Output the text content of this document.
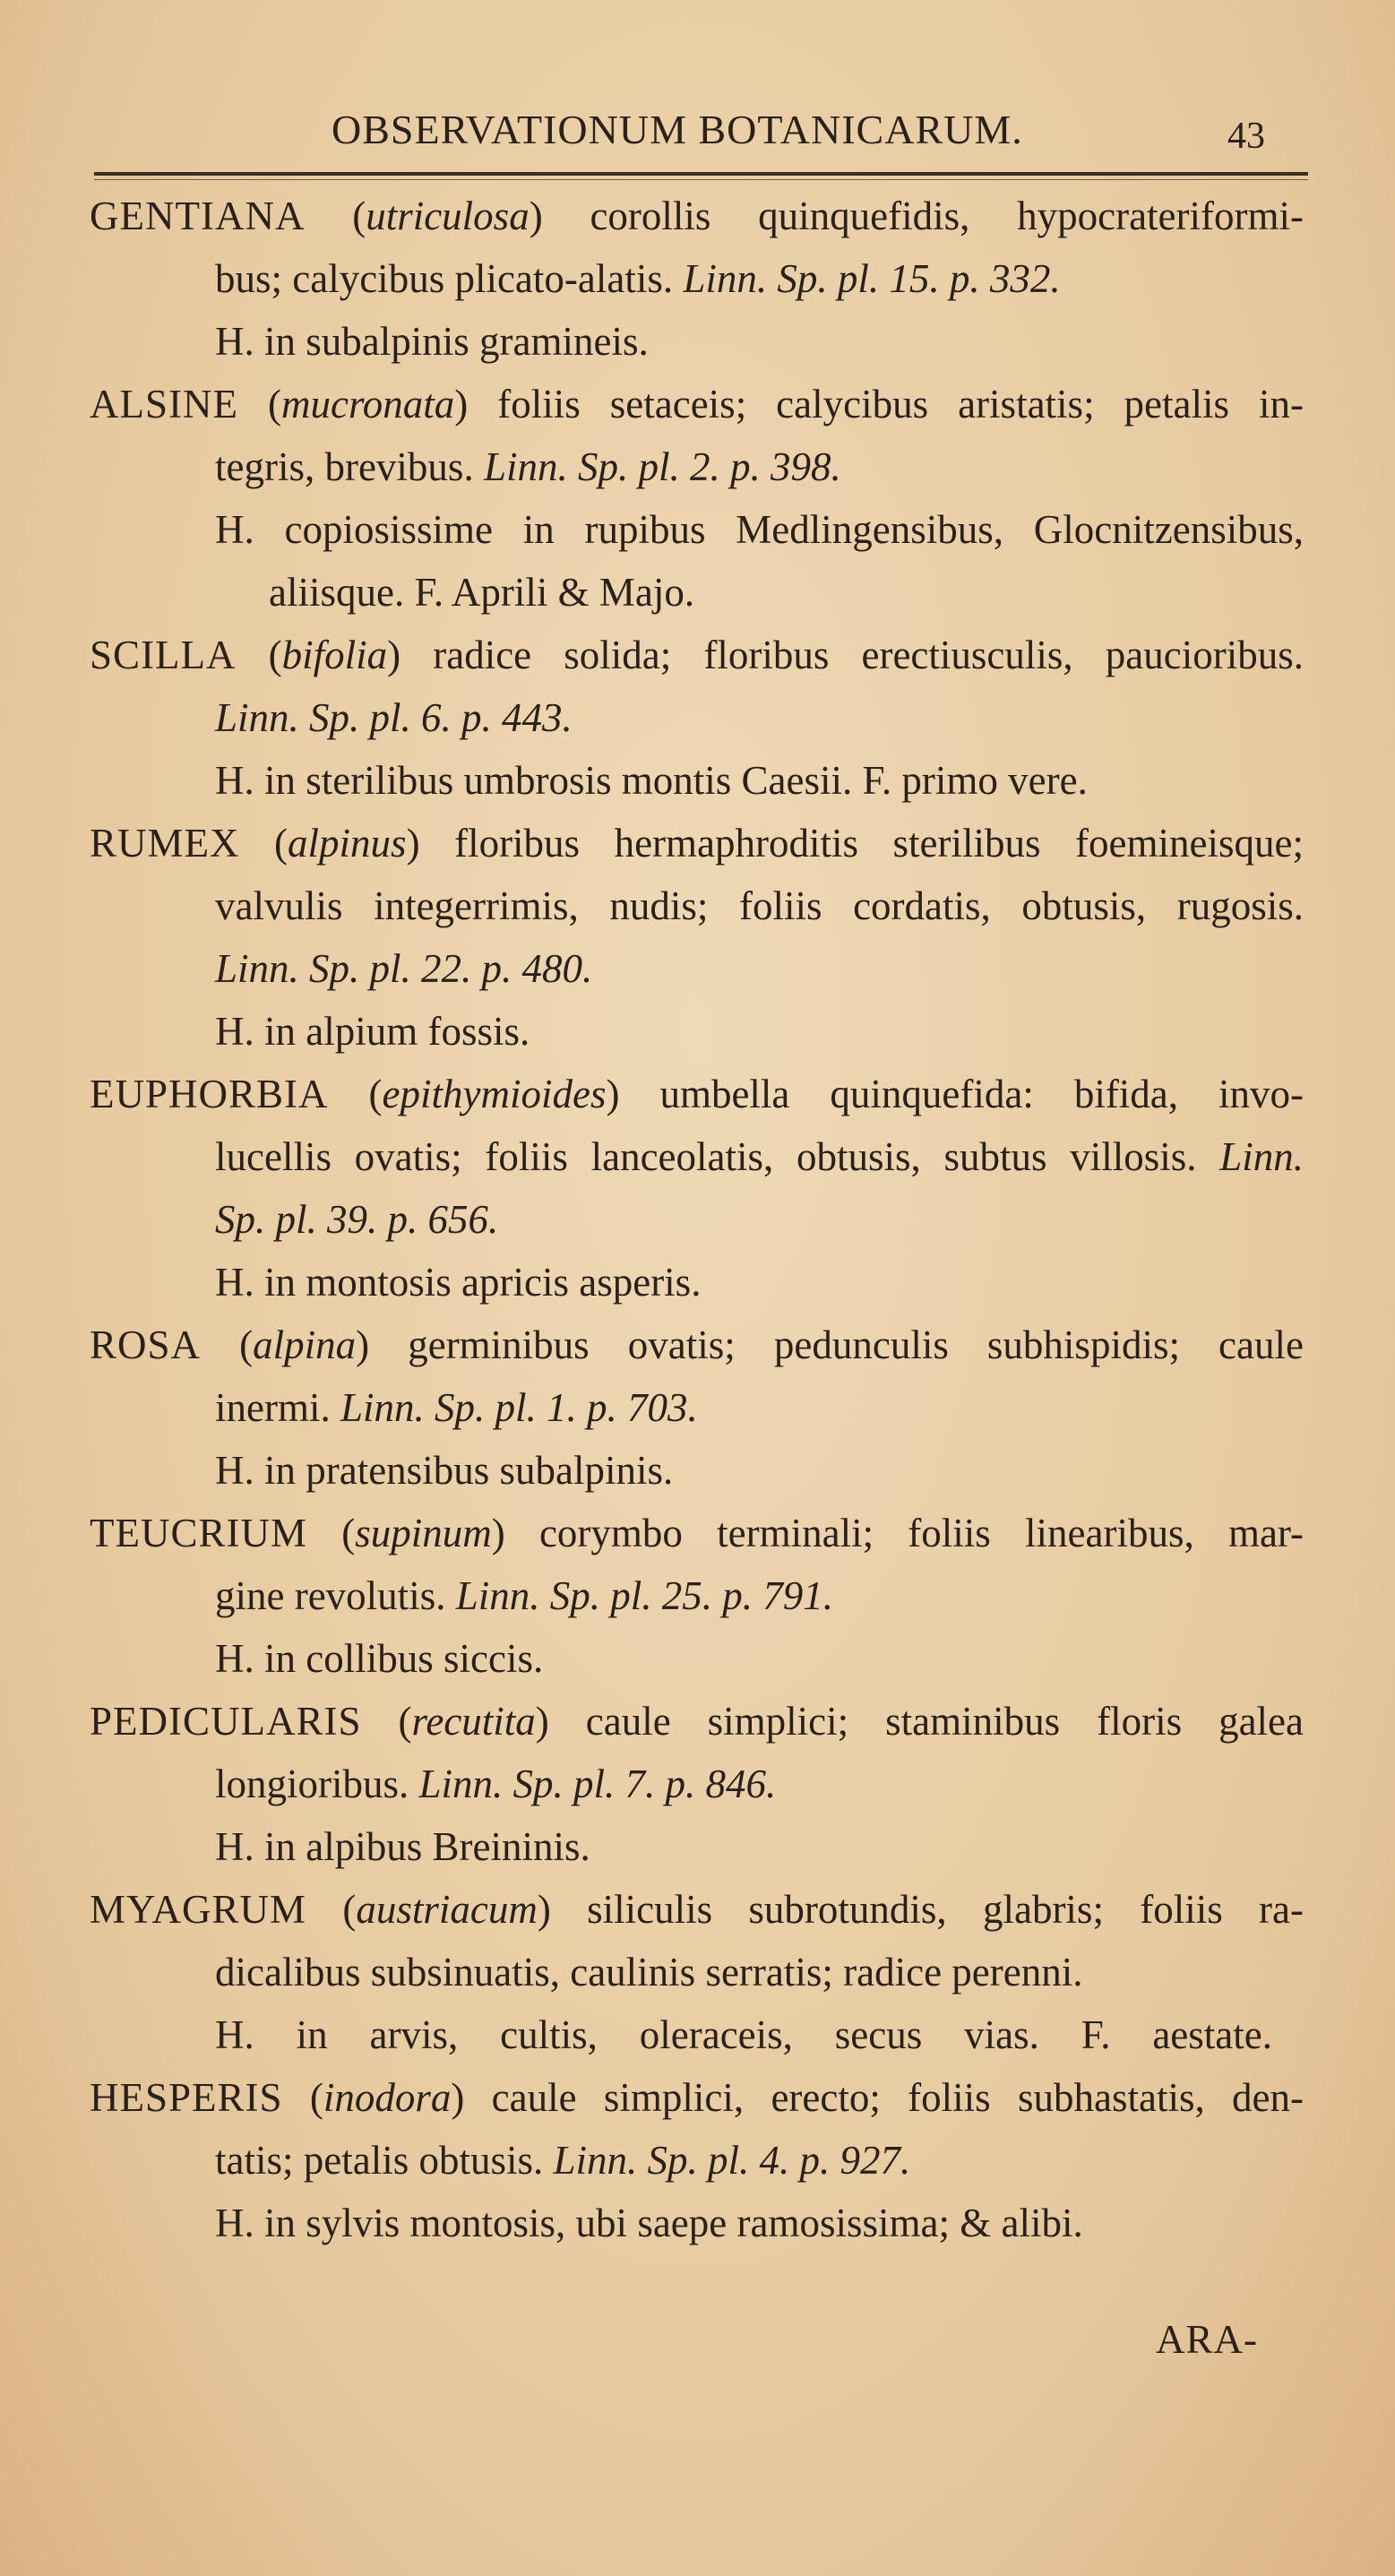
OBSERVATIONUM BOTANICARUM.	43
GENTIANA (utriculosa) corollis quinquefidis, hypocrateriformi-
bus; calycibus plicato-alatis. Linn. Sp. pl. 15. p. 332.
H. in subalpinis gramineis.
ALSINE (mucronata) foliis setaceis; calycibus aristatis; petalis in-
tegris, brevibus. Linn. Sp. pl. 2. p. 398.
H. copiosissime in rupibus Medlingensibus, Glocnitzensibus,
aliisque. F. Aprili & Majo.
SCILLA (bifolia) radice solida; floribus erectiusculis, paucioribus.
Linn. Sp. pl. 6. p. 443.
H. in sterilibus umbrosis montis Caesii. F. primo vere.
RUMEX (alpinus) floribus hermaphroditis sterilibus foemineisque;
valvulis integerrimis, nudis; foliis cordatis, obtusis, rugosis.
Linn. Sp. pl. 22. p. 480.
H. in alpium fossis.
EUPHORBIA (epithymioides) umbella quinquefida: bifida, invo-
lucellis ovatis; foliis lanceolatis, obtusis, subtus villosis. Linn.
Sp. pl. 39. p. 656.
H. in montosis apricis asperis.
ROSA (alpina) germinibus ovatis; pedunculis subhispidis; caule
inermi. Linn. Sp. pl. 1. p. 703.
H. in pratensibus subalpinis.
TEUCRIUM (supinum) corymbo terminali; foliis linearibus, mar-
gine revolutis. Linn. Sp. pl. 25. p. 791.
H. in collibus siccis.
PEDICULARIS (recutita) caule simplici; staminibus floris galea
longioribus. Linn. Sp. pl. 7. p. 846.
H. in alpibus Breininis.
MYAGRUM (austriacum) siliculis subrotundis, glabris; foliis ra-
dicalibus subsinuatis, caulinis serratis; radice perenni.
H. in arvis, cultis, oleraceis, secus vias. F. aestate.
HESPERIS (inodora) caule simplici, erecto; foliis subhastatis, den-
tatis; petalis obtusis. Linn. Sp. pl. 4. p. 927.
H. in sylvis montosis, ubi saepe ramosissima; & alibi.
ARA-
